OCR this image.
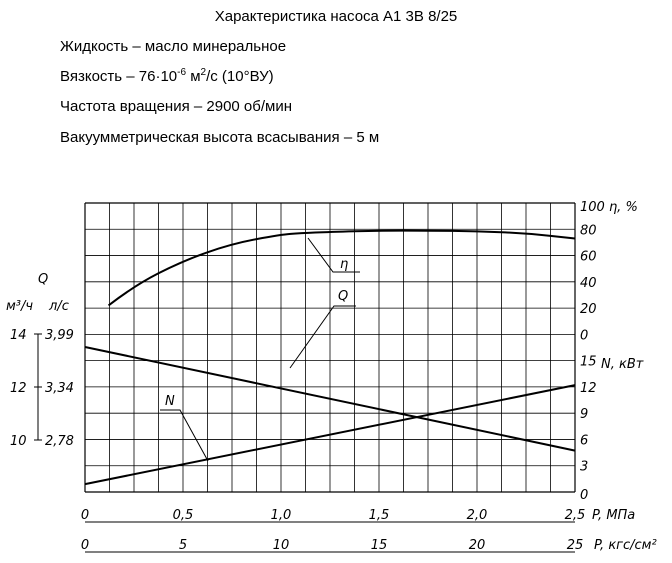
Характеристика насоса А1 3В 8/25
Жидкость – масло минеральное
Вязкость – $76\cdot 10^{-6}$ $м^2/с$ (10°ВУ)
Частота вращения – 2900 об/мин
Вакуумметрическая высота всасывания – 5 м
η
Q
N
80
60
40
20
0
100 η, %
15
12
9
6
3
0
N, кВт
Q
м³/ч л/с
14 3,99
12 3,34
10 2,78
0	0,5	1,0	1,5	2,0	2,5 P, МПа
0	5	10	15	20	25 P, кгс/см²
